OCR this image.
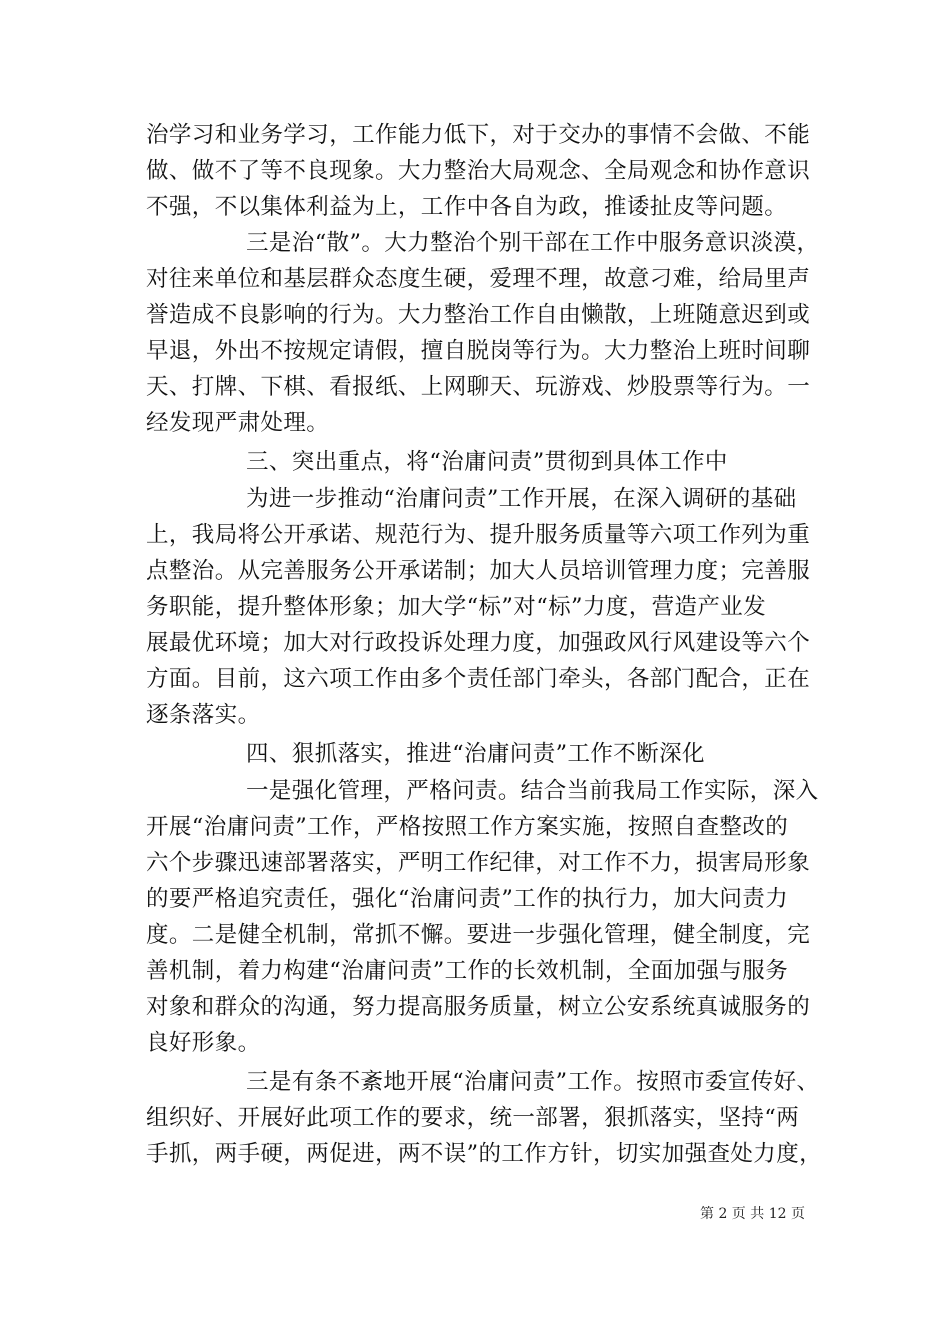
治学习和业务学习，工作能力低下，对于交办的事情不会做、不能
做、做不了等不良现象。大力整治大局观念、全局观念和协作意识
不强，不以集体利益为上，工作中各自为政，推诿扯皮等问题。
三是治“散”。大力整治个别干部在工作中服务意识淡漠，
对往来单位和基层群众态度生硬，爱理不理，故意刁难，给局里声
誉造成不良影响的行为。大力整治工作自由懒散，上班随意迟到或
早退，外出不按规定请假，擅自脱岗等行为。大力整治上班时间聊
天、打牌、下棋、看报纸、上网聊天、玩游戏、炒股票等行为。一
经发现严肃处理。
三、突出重点，将“治庸问责”贯彻到具体工作中
为进一步推动“治庸问责”工作开展，在深入调研的基础
上，我局将公开承诺、规范行为、提升服务质量等六项工作列为重
点整治。从完善服务公开承诺制；加大人员培训管理力度；完善服
务职能，提升整体形象；加大学“标”对“标”力度，营造产业发
展最优环境；加大对行政投诉处理力度，加强政风行风建设等六个
方面。目前，这六项工作由多个责任部门牵头，各部门配合，正在
逐条落实。
四、狠抓落实，推进“治庸问责”工作不断深化
一是强化管理，严格问责。结合当前我局工作实际，深入
开展“治庸问责”工作，严格按照工作方案实施，按照自查整改的
六个步骤迅速部署落实，严明工作纪律，对工作不力，损害局形象
的要严格追究责任，强化“治庸问责”工作的执行力，加大问责力
度。二是健全机制，常抓不懈。要进一步强化管理，健全制度，完
善机制，着力构建“治庸问责”工作的长效机制，全面加强与服务
对象和群众的沟通，努力提高服务质量，树立公安系统真诚服务的
良好形象。
三是有条不紊地开展“治庸问责”工作。按照市委宣传好、
组织好、开展好此项工作的要求，统一部署，狠抓落实，坚持“两
手抓，两手硬，两促进，两不误”的工作方针，切实加强查处力度，
第 2 页 共 12 页
